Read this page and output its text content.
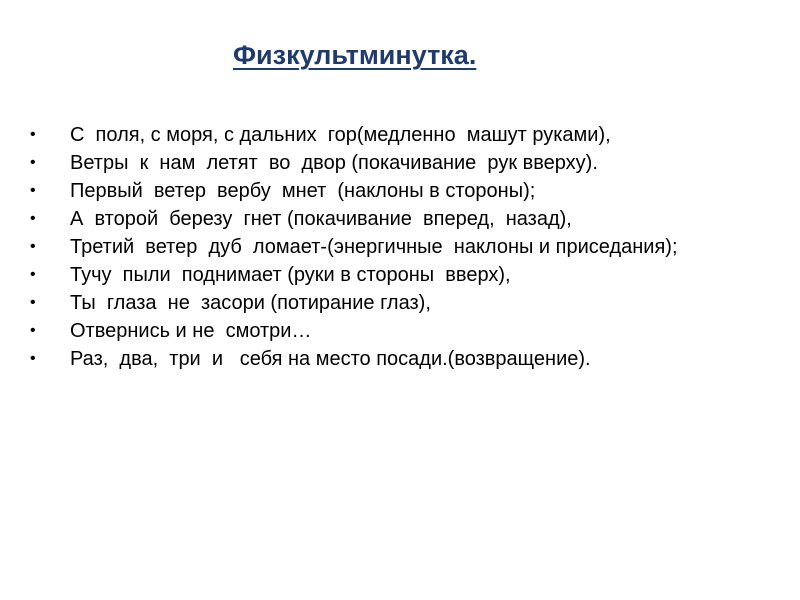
Физкультминутка.
•	С  поля, с моря, с дальних  гор(медленно  машут руками),
•	Ветры  к  нам  летят  во  двор (покачивание  рук вверху).
•	Первый  ветер  вербу  мнет  (наклоны в стороны);
•	А  второй  березу  гнет (покачивание  вперед,  назад),
•	Третий  ветер  дуб  ломает-(энергичные  наклоны и приседания);
•	Тучу  пыли  поднимает (руки в стороны  вверх),
•	Ты  глаза  не  засори (потирание глаз),
•	Отвернись и не  смотри…
•	Раз,  два,  три  и   себя на место посади.(возвращение).
